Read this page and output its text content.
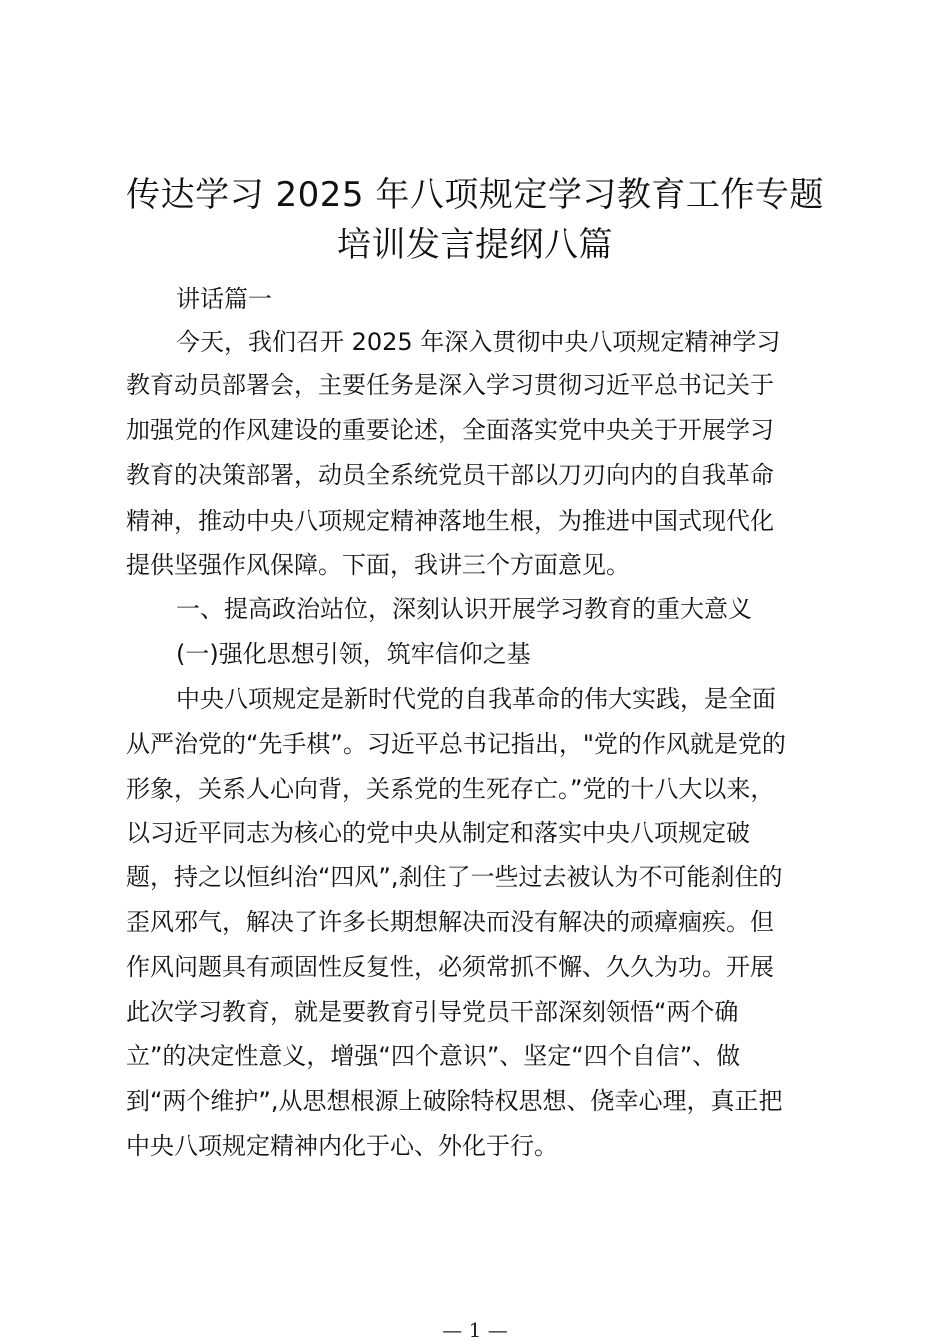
传达学习 2025 年八项规定学习教育工作专题
培训发言提纲八篇
讲话篇一
今天，我们召开 2025 年深入贯彻中央八项规定精神学习
教育动员部署会，主要任务是深入学习贯彻习近平总书记关于
加强党的作风建设的重要论述，全面落实党中央关于开展学习
教育的决策部署，动员全系统党员干部以刀刃向内的自我革命
精神，推动中央八项规定精神落地生根，为推进中国式现代化
提供坚强作风保障。下面，我讲三个方面意见。
一、提高政治站位，深刻认识开展学习教育的重大意义
(一)强化思想引领，筑牢信仰之基
中央八项规定是新时代党的自我革命的伟大实践，是全面
从严治党的“先手棋”。习近平总书记指出，"党的作风就是党的
形象，关系人心向背，关系党的生死存亡。”党的十八大以来，
以习近平同志为核心的党中央从制定和落实中央八项规定破
题，持之以恒纠治“四风”,刹住了一些过去被认为不可能刹住的
歪风邪气，解决了许多长期想解决而没有解决的顽瘴痼疾。但
作风问题具有顽固性反复性，必须常抓不懈、久久为功。开展
此次学习教育，就是要教育引导党员干部深刻领悟“两个确
立”的决定性意义，增强“四个意识”、坚定“四个自信”、做
到“两个维护”,从思想根源上破除特权思想、侥幸心理，真正把
中央八项规定精神内化于心、外化于行。
— 1 —
